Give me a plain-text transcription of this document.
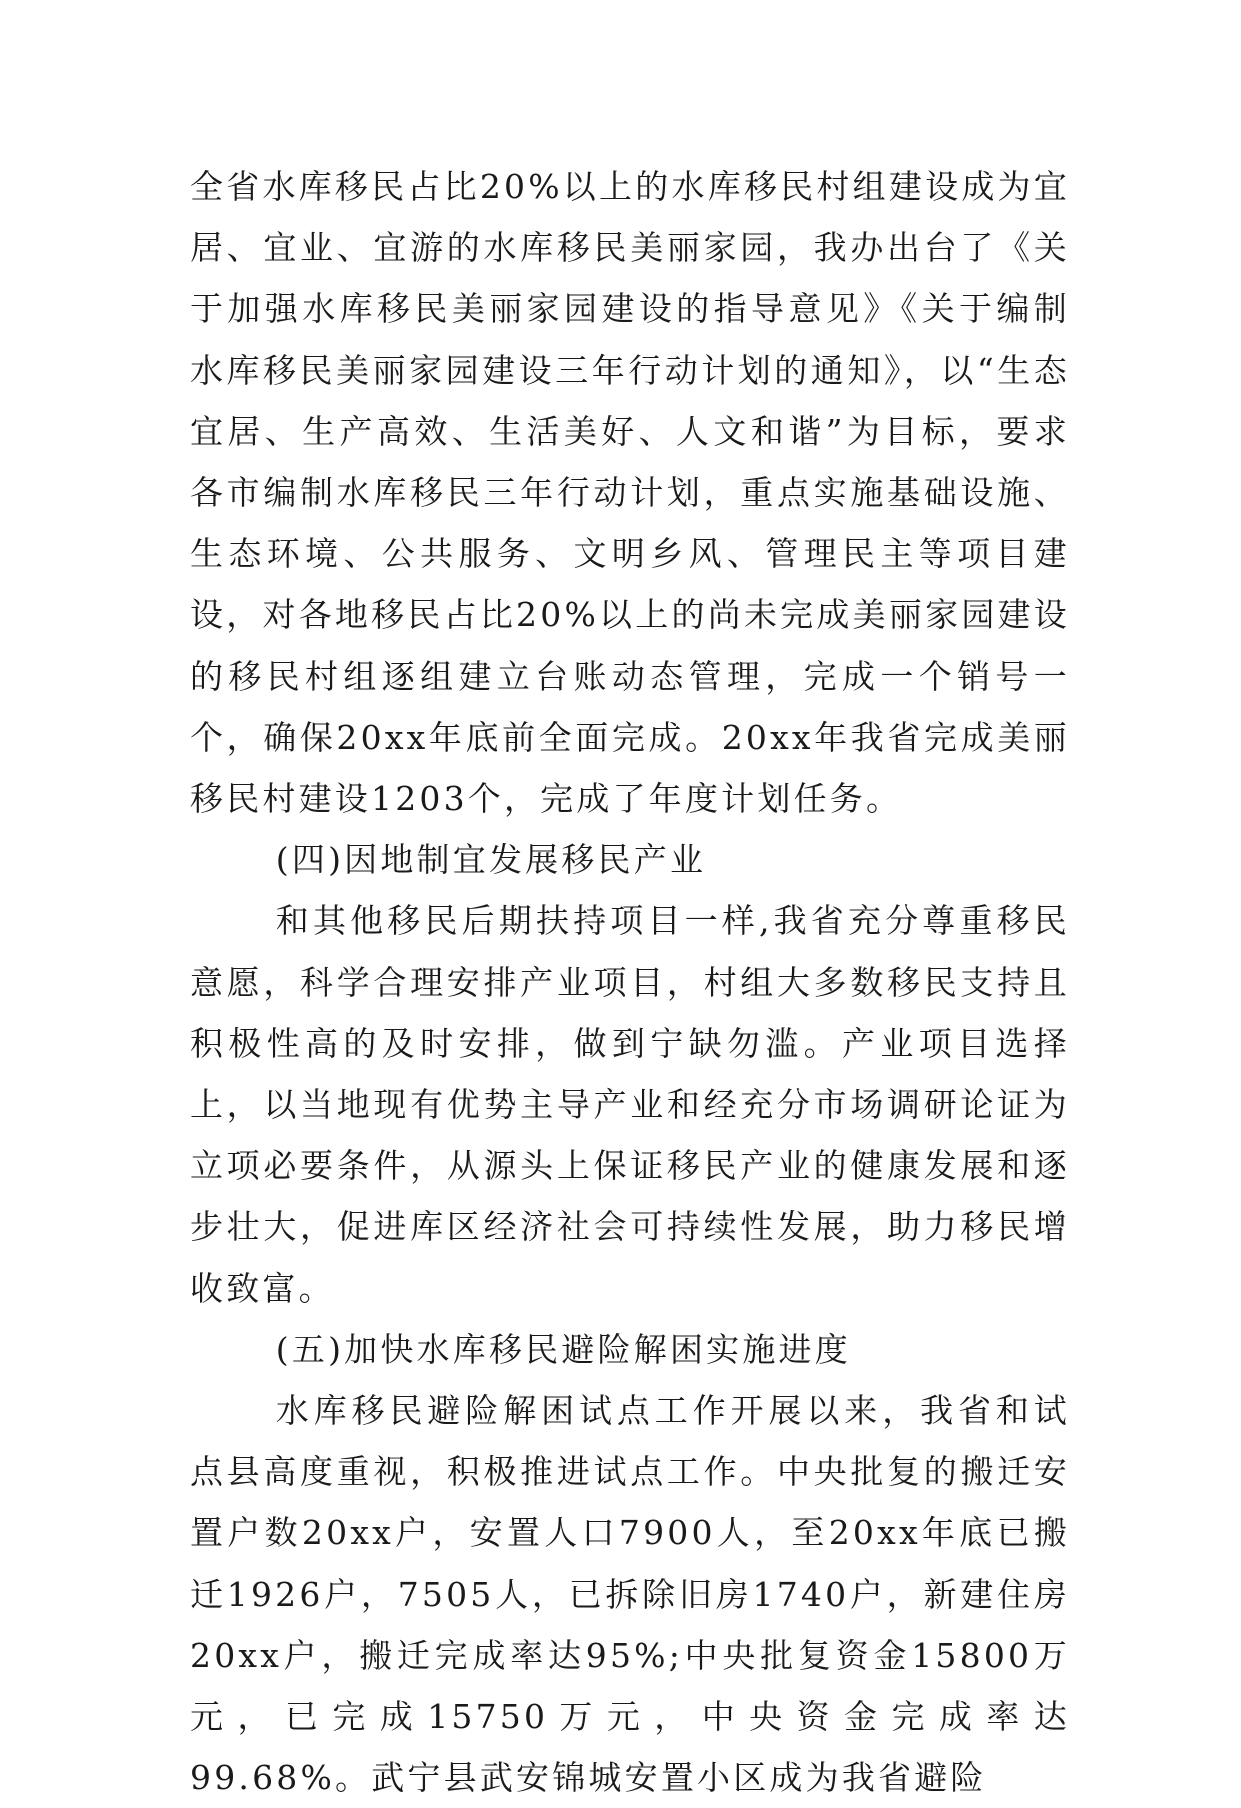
全省水库移民占比20%以上的水库移民村组建设成为宜居、宜业、宜游的水库移民美丽家园，我办出台了《关于加强水库移民美丽家园建设的指导意见》《关于编制水库移民美丽家园建设三年行动计划的通知》，以“生态宜居、生产高效、生活美好、人文和谐”为目标，要求各市编制水库移民三年行动计划，重点实施基础设施、生态环境、公共服务、文明乡风、管理民主等项目建设，对各地移民占比20%以上的尚未完成美丽家园建设的移民村组逐组建立台账动态管理，完成一个销号一个，确保20xx年底前全面完成。20xx年我省完成美丽移民村建设1203个，完成了年度计划任务。

(四)因地制宜发展移民产业

和其他移民后期扶持项目一样,我省充分尊重移民意愿，科学合理安排产业项目，村组大多数移民支持且积极性高的及时安排，做到宁缺勿滥。产业项目选择上，以当地现有优势主导产业和经充分市场调研论证为立项必要条件，从源头上保证移民产业的健康发展和逐步壮大，促进库区经济社会可持续性发展，助力移民增收致富。

(五)加快水库移民避险解困实施进度

水库移民避险解困试点工作开展以来，我省和试点县高度重视，积极推进试点工作。中央批复的搬迁安置户数20xx户，安置人口7900人，至20xx年底已搬迁1926户，7505人，已拆除旧房1740户，新建住房20xx户，搬迁完成率达95%;中央批复资金15800万元，已完成15750万元，中央资金完成率达99.68%。武宁县武安锦城安置小区成为我省避险
